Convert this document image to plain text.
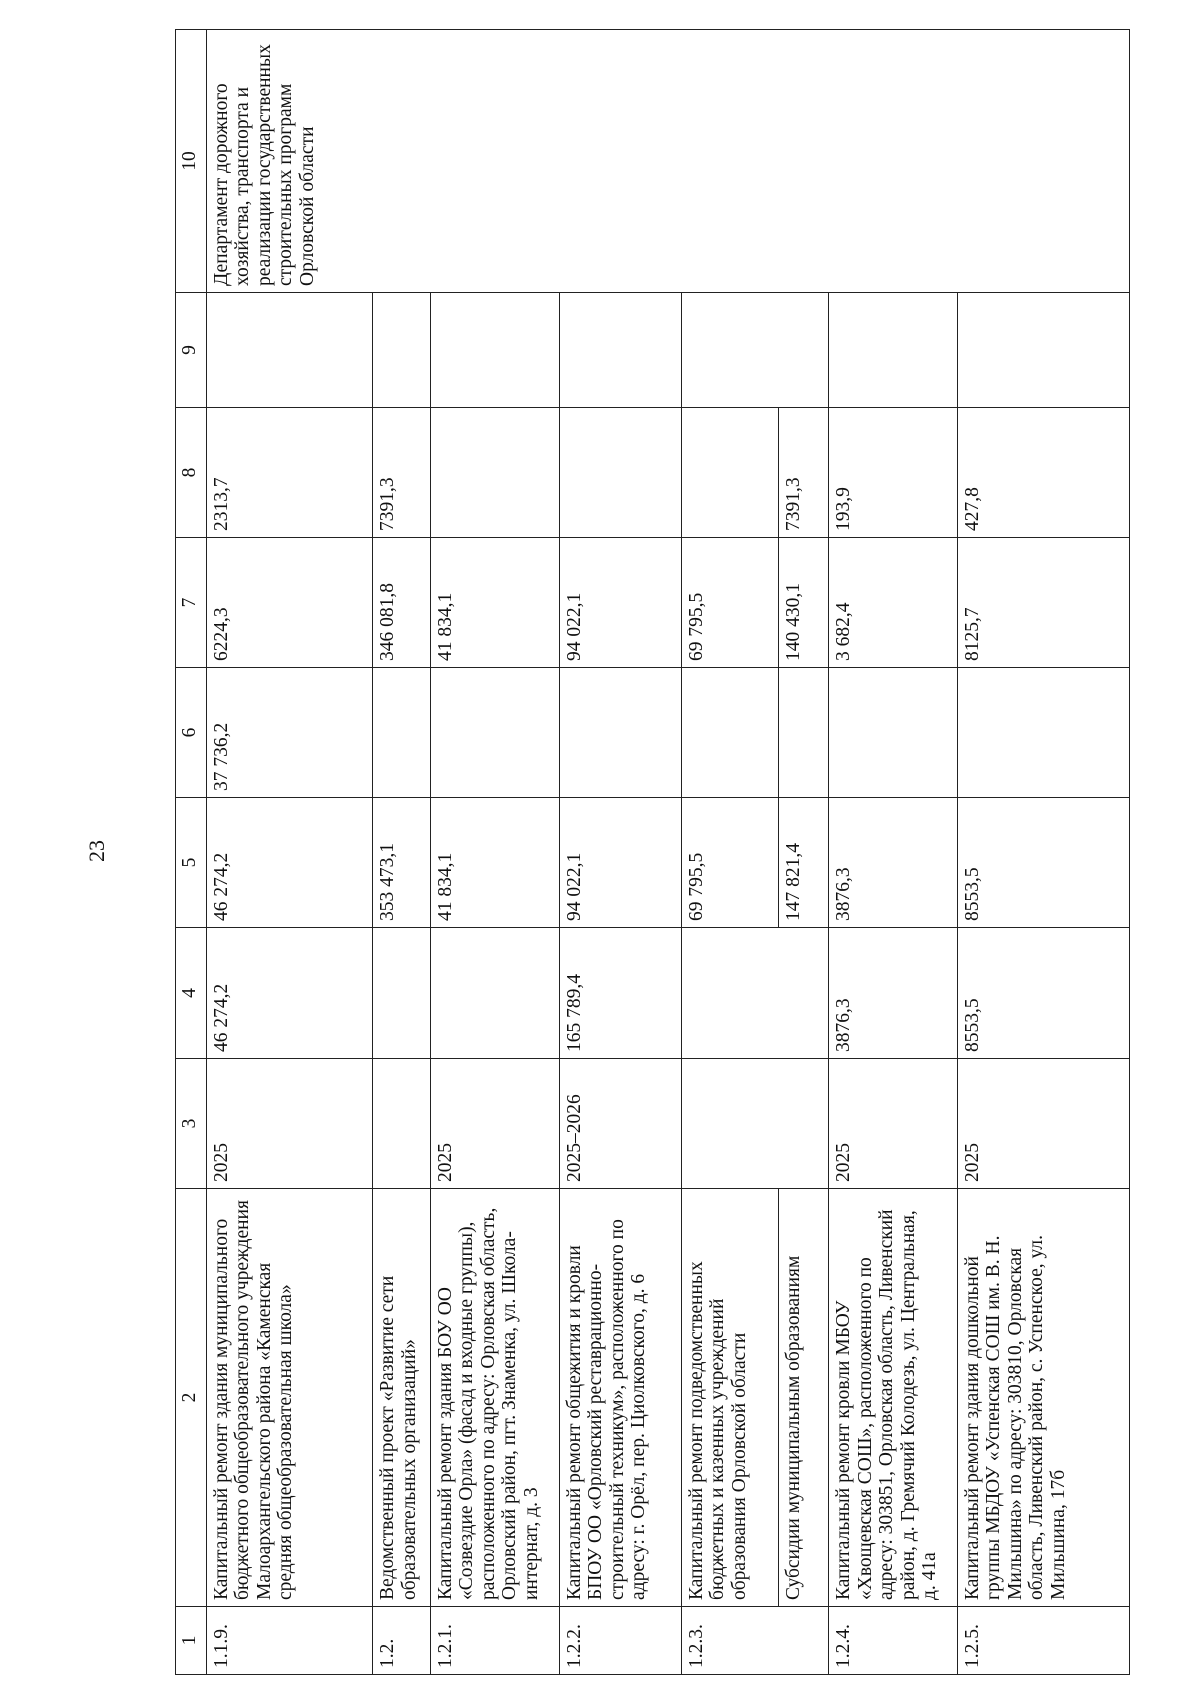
23
1	2	3	4	5	6	7	8	9	10
1.1.9.	Капитальный ремонт здания муниципального бюджетного общеобразовательного учреждения Малоархангельского района «Каменская средняя общеобразовательная школа»	2025	46 274,2	46 274,2	37 736,2	6224,3	2313,7		Департамент дорожного хозяйства, транспорта и реализации государственных строительных программ Орловской области
1.2.	Ведомственный проект «Развитие сети образовательных организаций»			353 473,1		346 081,8	7391,3		
1.2.1.	Капитальный ремонт здания БОУ ОО «Созвездие Орла» (фасад и входные группы), расположенного по адресу: Орловская область, Орловский район, пгт. Знаменка, ул. Школа-интернат, д. 3	2025		41 834,1		41 834,1			
1.2.2.	Капитальный ремонт общежития и кровли БПОУ ОО «Орловский реставрационно-строительный техникум», расположенного по адресу: г. Орёл, пер. Циолковского, д. 6	2025–2026	165 789,4	94 022,1		94 022,1			
1.2.3.	Капитальный ремонт подведомственных бюджетных и казенных учреждений образования Орловской области			69 795,5		69 795,5			
	Субсидии муниципальным образованиям			147 821,4		140 430,1	7391,3		
1.2.4.	Капитальный ремонт кровли МБОУ «Хвощевская СОШ», расположенного по адресу: 303851, Орловская область, Ливенский район, д. Гремячий Колодезь, ул. Центральная, д. 41а	2025	3876,3	3876,3		3 682,4	193,9		
1.2.5.	Капитальный ремонт здания дошкольной группы МБДОУ «Успенская СОШ им. В. Н. Мильшина» по адресу: 303810, Орловская область, Ливенский район, с. Успенское, ул. Мильшина, 17б	2025	8553,5	8553,5		8125,7	427,8		
